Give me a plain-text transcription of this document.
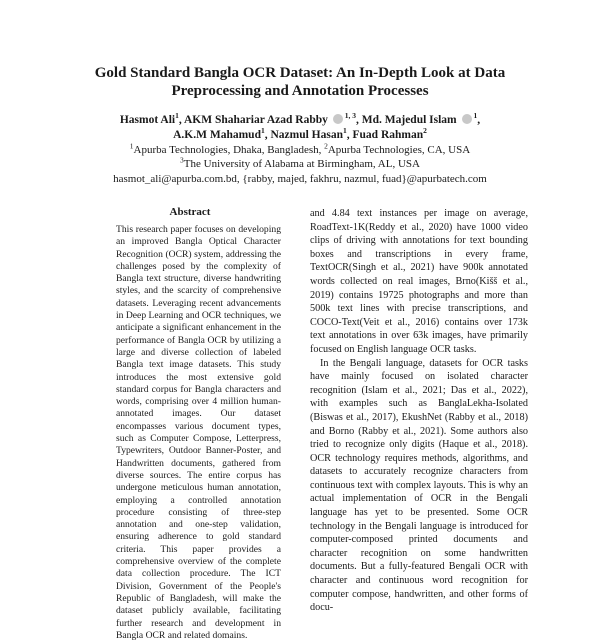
Gold Standard Bangla OCR Dataset: An In-Depth Look at Data
Preprocessing and Annotation Processes
Hasmot Ali$^1$, AKM Shahariar Azad Rabby $^{1, 3}$, Md. Majedul Islam $^1$,
A.K.M Mahamud$^1$, Nazmul Hasan$^1$, Fuad Rahman$^2$
$^1$Apurba Technologies, Dhaka, Bangladesh, $^2$Apurba Technologies, CA, USA
$^3$The University of Alabama at Birmingham, AL, USA
hasmot_ali@apurba.com.bd, {rabby, majed, fakhru, nazmul, fuad}@apurbatech.com
Abstract
This research paper focuses on developing an improved Bangla Optical Character Recognition (OCR) system, addressing the challenges posed by the complexity of Bangla text structure, diverse handwriting styles, and the scarcity of comprehensive datasets. Leveraging recent advancements in Deep Learning and OCR techniques, we anticipate a significant enhancement in the performance of Bangla OCR by utilizing a large and diverse collection of labeled Bangla text image datasets. This study introduces the most extensive gold standard corpus for Bangla characters and words, comprising over 4 million human-annotated images. Our dataset encompasses various document types, such as Computer Compose, Letterpress, Typewriters, Outdoor Banner-Poster, and Handwritten documents, gathered from diverse sources. The entire corpus has undergone meticulous human annotation, employing a controlled annotation procedure consisting of three-step annotation and one-step validation, ensuring adherence to gold standard criteria. This paper provides a comprehensive overview of the complete data collection procedure. The ICT Division, Government of the People's Republic of Bangladesh, will make the dataset publicly available, facilitating further research and development in Bangla OCR and related domains.

and 4.84 text instances per image on average, RoadText-1K(Reddy et al., 2020) have 1000 video clips of driving with annotations for text bounding boxes and transcriptions in every frame, TextOCR(Singh et al., 2021) have 900k annotated words collected on real images, Brno(Kišš et al., 2019) contains 19725 photographs and more than 500k text lines with precise transcriptions, and COCO-Text(Veit et al., 2016) contains over 173k text annotations in over 63k images, have primarily focused on English language OCR tasks.

In the Bengali language, datasets for OCR tasks have mainly focused on isolated character recognition (Islam et al., 2021; Das et al., 2022), with examples such as BanglaLekha-Isolated (Biswas et al., 2017), EkushNet (Rabby et al., 2018) and Borno (Rabby et al., 2021). Some authors also tried to recognize only digits (Haque et al., 2018). OCR technology requires methods, algorithms, and datasets to accurately recognize characters from continuous text with complex layouts. This is why an actual implementation of OCR in the Bengali language has yet to be presented. Some OCR technology in the Bengali language is introduced for computer-composed printed documents and character recognition on some handwritten documents. But a fully-featured Bengali OCR with character and continuous word recognition for computer compose, handwritten, and other forms of docu-
